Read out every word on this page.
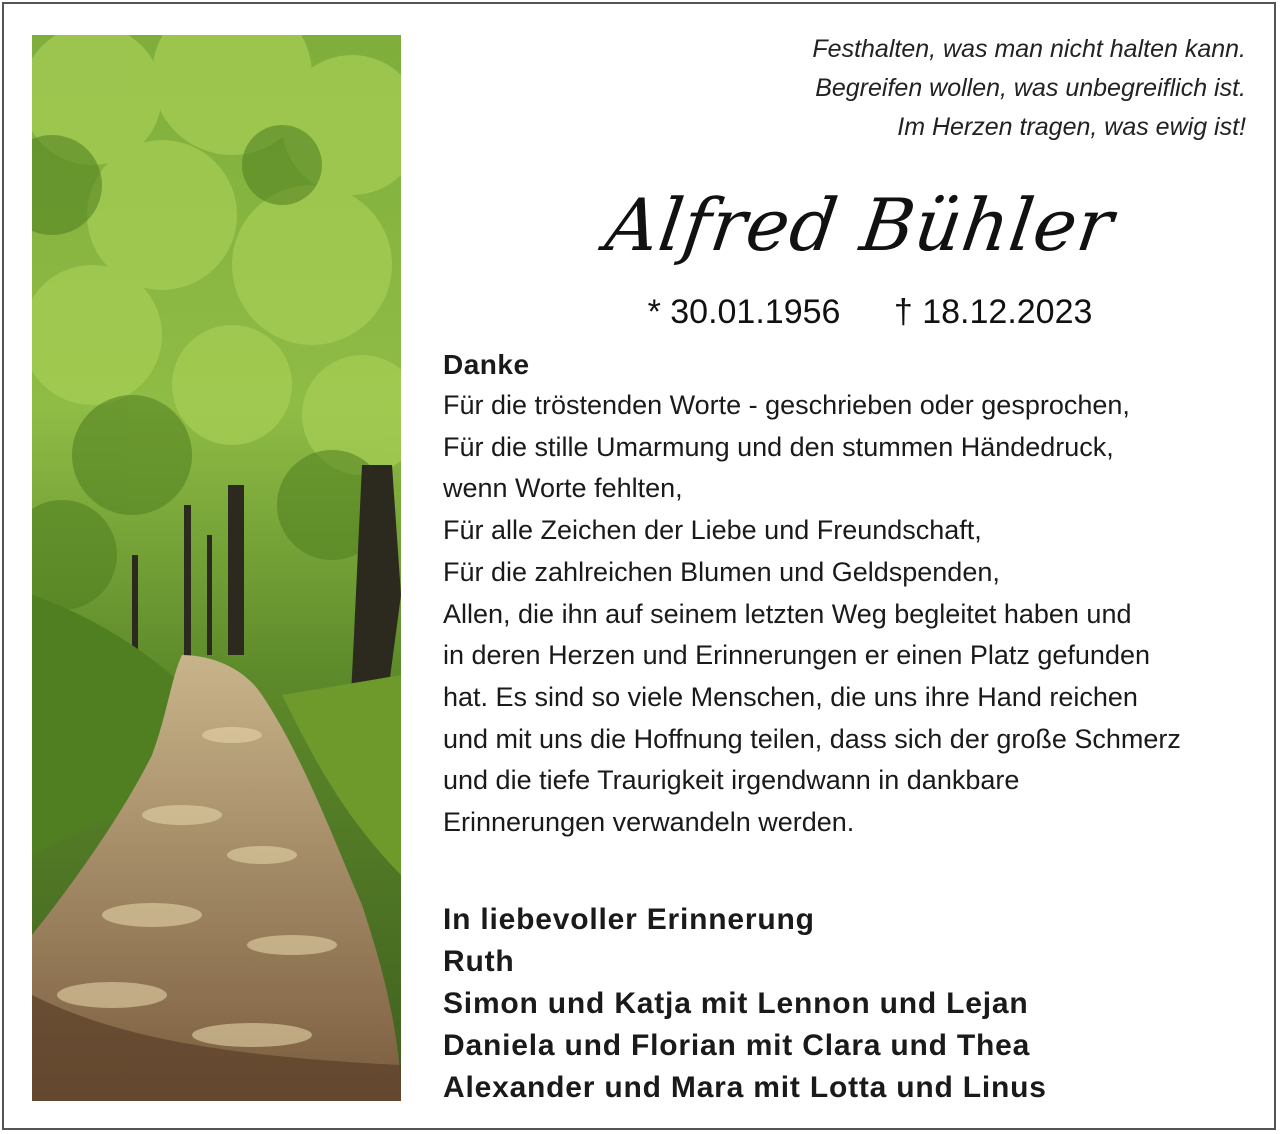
Festhalten, was man nicht halten kann.
Begreifen wollen, was unbegreiflich ist.
Im Herzen tragen, was ewig ist!
Alfred Bühler
* 30.01.1956 † 18.12.2023
Danke
Für die tröstenden Worte - geschrieben oder gesprochen,
Für die stille Umarmung und den stummen Händedruck,
wenn Worte fehlten,
Für alle Zeichen der Liebe und Freundschaft,
Für die zahlreichen Blumen und Geldspenden,
Allen, die ihn auf seinem letzten Weg begleitet haben und
in deren Herzen und Erinnerungen er einen Platz gefunden
hat. Es sind so viele Menschen, die uns ihre Hand reichen
und mit uns die Hoffnung teilen, dass sich der große Schmerz
und die tiefe Traurigkeit irgendwann in dankbare
Erinnerungen verwandeln werden.
In liebevoller Erinnerung
Ruth
Simon und Katja mit Lennon und Lejan
Daniela und Florian mit Clara und Thea
Alexander und Mara mit Lotta und Linus
